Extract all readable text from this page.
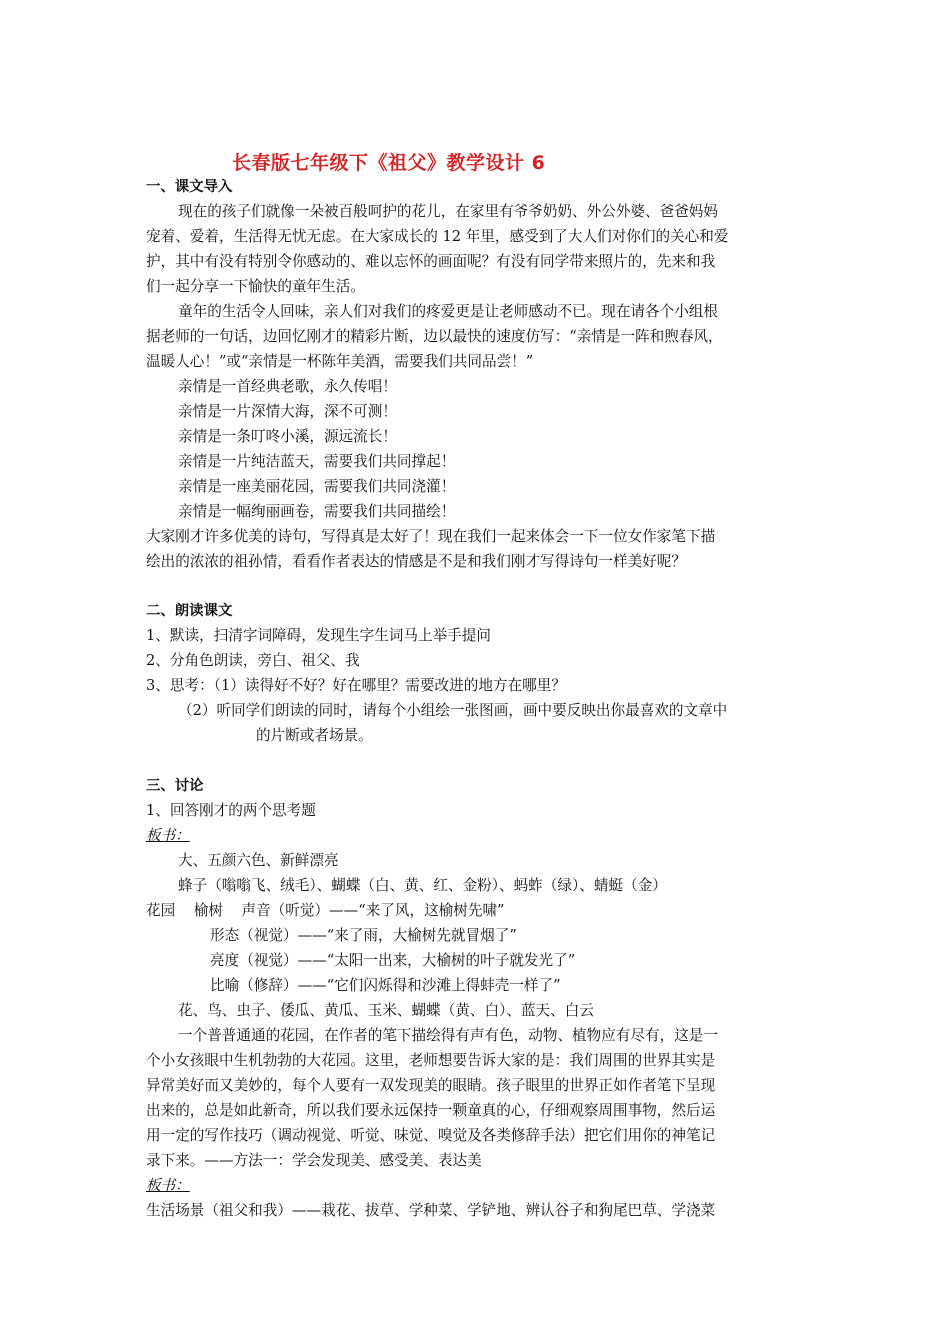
长春版七年级下《祖父》教学设计 6
一、课文导入
现在的孩子们就像一朵被百般呵护的花儿，在家里有爷爷奶奶、外公外婆、爸爸妈妈
宠着、爱着，生活得无忧无虑。在大家成长的 12 年里，感受到了大人们对你们的关心和爱
护，其中有没有特别令你感动的、难以忘怀的画面呢？有没有同学带来照片的，先来和我
们一起分享一下愉快的童年生活。
童年的生活令人回味，亲人们对我们的疼爱更是让老师感动不已。现在请各个小组根
据老师的一句话，边回忆刚才的精彩片断，边以最快的速度仿写：“亲情是一阵和煦春风，
温暖人心！”或“亲情是一杯陈年美酒，需要我们共同品尝！”
亲情是一首经典老歌，永久传唱！
亲情是一片深情大海，深不可测！
亲情是一条叮咚小溪，源远流长！
亲情是一片纯洁蓝天，需要我们共同撑起！
亲情是一座美丽花园，需要我们共同浇灌！
亲情是一幅绚丽画卷，需要我们共同描绘！
大家刚才许多优美的诗句，写得真是太好了！现在我们一起来体会一下一位女作家笔下描
绘出的浓浓的祖孙情，看看作者表达的情感是不是和我们刚才写得诗句一样美好呢？
二、朗读课文
1、默读，扫清字词障碍，发现生字生词马上举手提问
2、分角色朗读，旁白、祖父、我
3、思考：（1）读得好不好？好在哪里？需要改进的地方在哪里？
（2）听同学们朗读的同时，请每个小组绘一张图画，画中要反映出你最喜欢的文章中
的片断或者场景。
三、讨论
1、回答刚才的两个思考题
板书：
大、五颜六色、新鲜漂亮
蜂子（嗡嗡飞、绒毛）、蝴蝶（白、黄、红、金粉）、蚂蚱（绿）、蜻蜓（金）
花园    榆树    声音（听觉）——“来了风，这榆树先啸”
形态（视觉）——“来了雨，大榆树先就冒烟了”
亮度（视觉）——“太阳一出来，大榆树的叶子就发光了”
比喻（修辞）——“它们闪烁得和沙滩上得蚌壳一样了”
花、鸟、虫子、倭瓜、黄瓜、玉米、蝴蝶（黄、白）、蓝天、白云
一个普普通通的花园，在作者的笔下描绘得有声有色，动物、植物应有尽有，这是一
个小女孩眼中生机勃勃的大花园。这里，老师想要告诉大家的是：我们周围的世界其实是
异常美好而又美妙的，每个人要有一双发现美的眼睛。孩子眼里的世界正如作者笔下呈现
出来的，总是如此新奇，所以我们要永远保持一颗童真的心，仔细观察周围事物，然后运
用一定的写作技巧（调动视觉、听觉、味觉、嗅觉及各类修辞手法）把它们用你的神笔记
录下来。——方法一：学会发现美、感受美、表达美
板书：
生活场景（祖父和我）——栽花、拔草、学种菜、学铲地、辨认谷子和狗尾巴草、学浇菜
